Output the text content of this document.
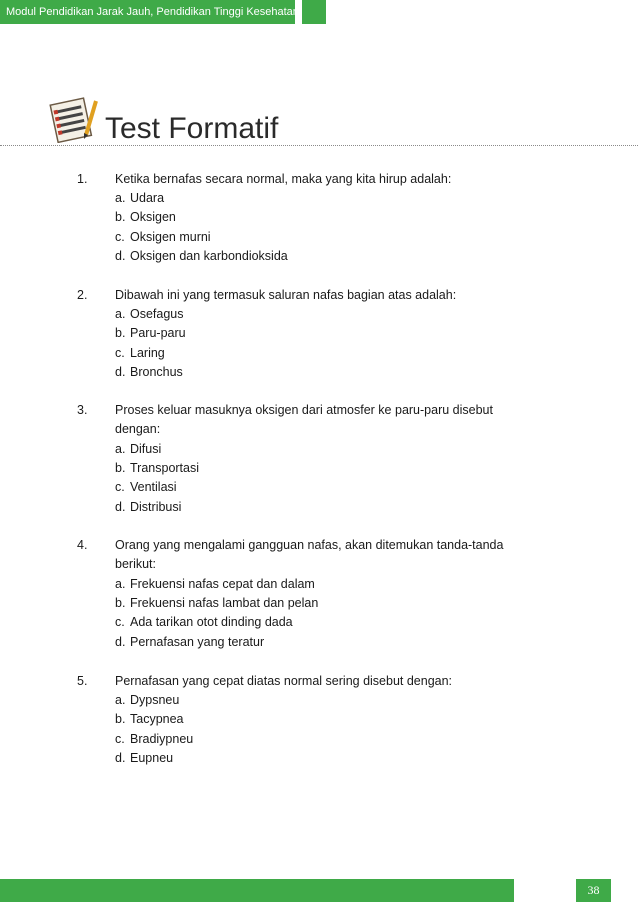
Modul Pendidikan Jarak Jauh, Pendidikan Tinggi Kesehatan
Test Formatif
1. Ketika bernafas secara normal, maka yang kita hirup adalah:
a. Udara
b. Oksigen
c. Oksigen murni
d. Oksigen dan karbondioksida
2. Dibawah ini yang termasuk saluran nafas bagian atas adalah:
a. Osefagus
b. Paru-paru
c. Laring
d. Bronchus
3. Proses keluar masuknya oksigen dari atmosfer ke paru-paru disebut dengan:
a. Difusi
b. Transportasi
c. Ventilasi
d. Distribusi
4. Orang yang mengalami gangguan nafas, akan ditemukan tanda-tanda berikut:
a. Frekuensi nafas cepat dan dalam
b. Frekuensi nafas lambat dan pelan
c. Ada tarikan otot dinding dada
d. Pernafasan yang teratur
5. Pernafasan yang cepat diatas normal sering disebut dengan:
a. Dypsneu
b. Tacypnea
c. Bradiypneu
d. Eupneu
38
